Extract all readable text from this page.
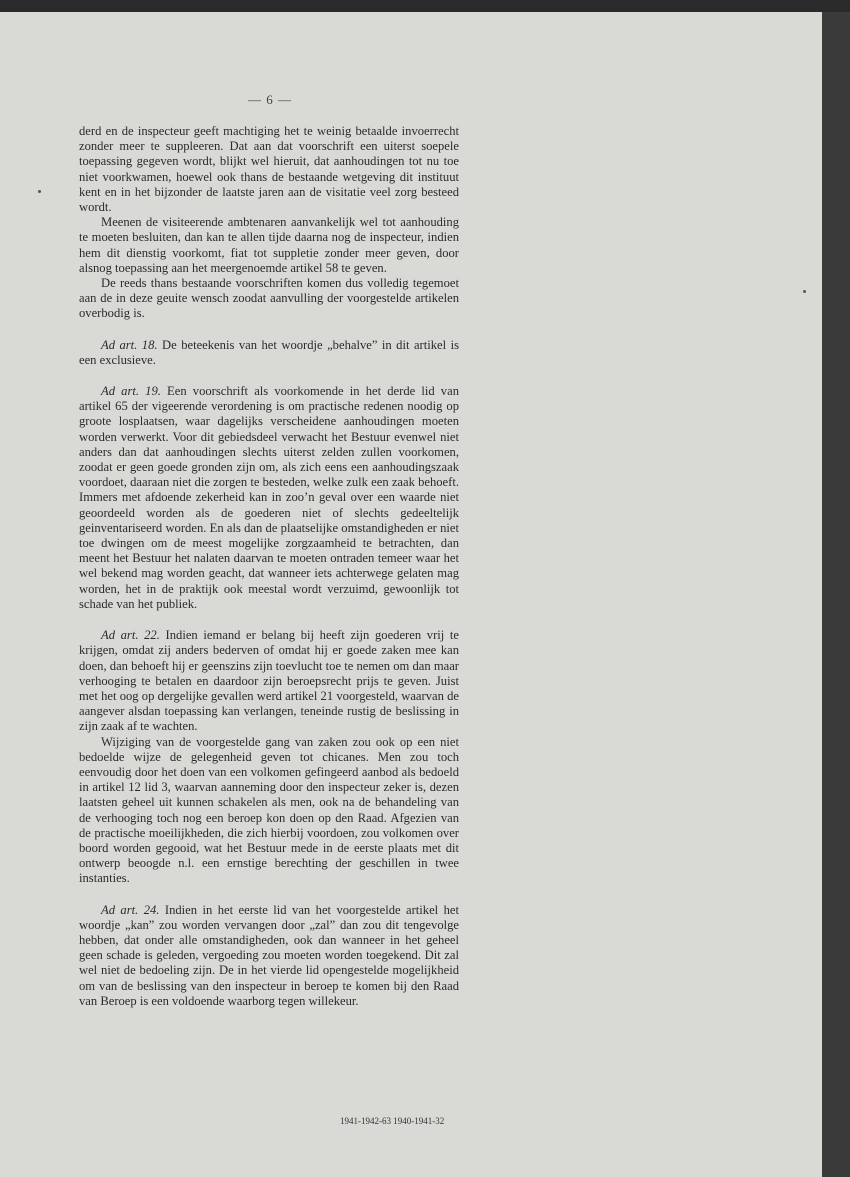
— 6 —

derd en de inspecteur geeft machtiging het te weinig betaalde invoerrecht zonder meer te suppleeren. Dat aan dat voorschrift een uiterst soepele toepassing gegeven wordt, blijkt wel hieruit, dat aanhoudingen tot nu toe niet voorkwamen, hoewel ook thans de bestaande wetgeving dit instituut kent en in het bijzonder de laatste jaren aan de visitatie veel zorg besteed wordt.

Meenen de visiteerende ambtenaren aanvankelijk wel tot aanhouding te moeten besluiten, dan kan te allen tijde daarna nog de inspecteur, indien hem dit dienstig voorkomt, fiat tot suppletie zonder meer geven, door alsnog toepassing aan het meergenoemde artikel 58 te geven.

De reeds thans bestaande voorschriften komen dus volledig tegemoet aan de in deze geuite wensch zoodat aanvulling der voorgestelde artikelen overbodig is.

Ad art. 18. De beteekenis van het woordje „behalve” in dit artikel is een exclusieve.

Ad art. 19. Een voorschrift als voorkomende in het derde lid van artikel 65 der vigeerende verordening is om practische redenen noodig op groote losplaatsen, waar dagelijks verscheidene aanhoudingen moeten worden verwerkt. Voor dit gebiedsdeel verwacht het Bestuur evenwel niet anders dan dat aanhoudingen slechts uiterst zelden zullen voorkomen, zoodat er geen goede gronden zijn om, als zich eens een aanhoudingszaak voordoet, daaraan niet die zorgen te besteden, welke zulk een zaak behoeft. Immers met afdoende zekerheid kan in zoo’n geval over een waarde niet geoordeeld worden als de goederen niet of slechts gedeeltelijk geinventariseerd worden. En als dan de plaatselijke omstandigheden er niet toe dwingen om de meest mogelijke zorgzaamheid te betrachten, dan meent het Bestuur het nalaten daarvan te moeten ontraden temeer waar het wel bekend mag worden geacht, dat wanneer iets achterwege gelaten mag worden, het in de praktijk ook meestal wordt verzuimd, gewoonlijk tot schade van het publiek.

Ad art. 22. Indien iemand er belang bij heeft zijn goederen vrij te krijgen, omdat zij anders bederven of omdat hij er goede zaken mee kan doen, dan behoeft hij er geenszins zijn toevlucht toe te nemen om dan maar verhooging te betalen en daardoor zijn beroepsrecht prijs te geven. Juist met het oog op dergelijke gevallen werd artikel 21 voorgesteld, waarvan de aangever alsdan toepassing kan verlangen, teneinde rustig de beslissing in zijn zaak af te wachten.

Wijziging van de voorgestelde gang van zaken zou ook op een niet bedoelde wijze de gelegenheid geven tot chicanes. Men zou toch eenvoudig door het doen van een volkomen gefingeerd aanbod als bedoeld in artikel 12 lid 3, waarvan aanneming door den inspecteur zeker is, dezen laatsten geheel uit kunnen schakelen als men, ook na de behandeling van de verhooging toch nog een beroep kon doen op den Raad. Afgezien van de practische moeilijkheden, die zich hierbij voordoen, zou volkomen over boord worden gegooid, wat het Bestuur mede in de eerste plaats met dit ontwerp beoogde n.l. een ernstige berechting der geschillen in twee instanties.

Ad art. 24. Indien in het eerste lid van het voorgestelde artikel het woordje „kan” zou worden vervangen door „zal” dan zou dit tengevolge hebben, dat onder alle omstandigheden, ook dan wanneer in het geheel geen schade is geleden, vergoeding zou moeten worden toegekend. Dit zal wel niet de bedoeling zijn. De in het vierde lid opengestelde mogelijkheid om van de beslissing van den inspecteur in beroep te komen bij den Raad van Beroep is een voldoende waarborg tegen willekeur.

1941-1942-63 1940-1941-32
